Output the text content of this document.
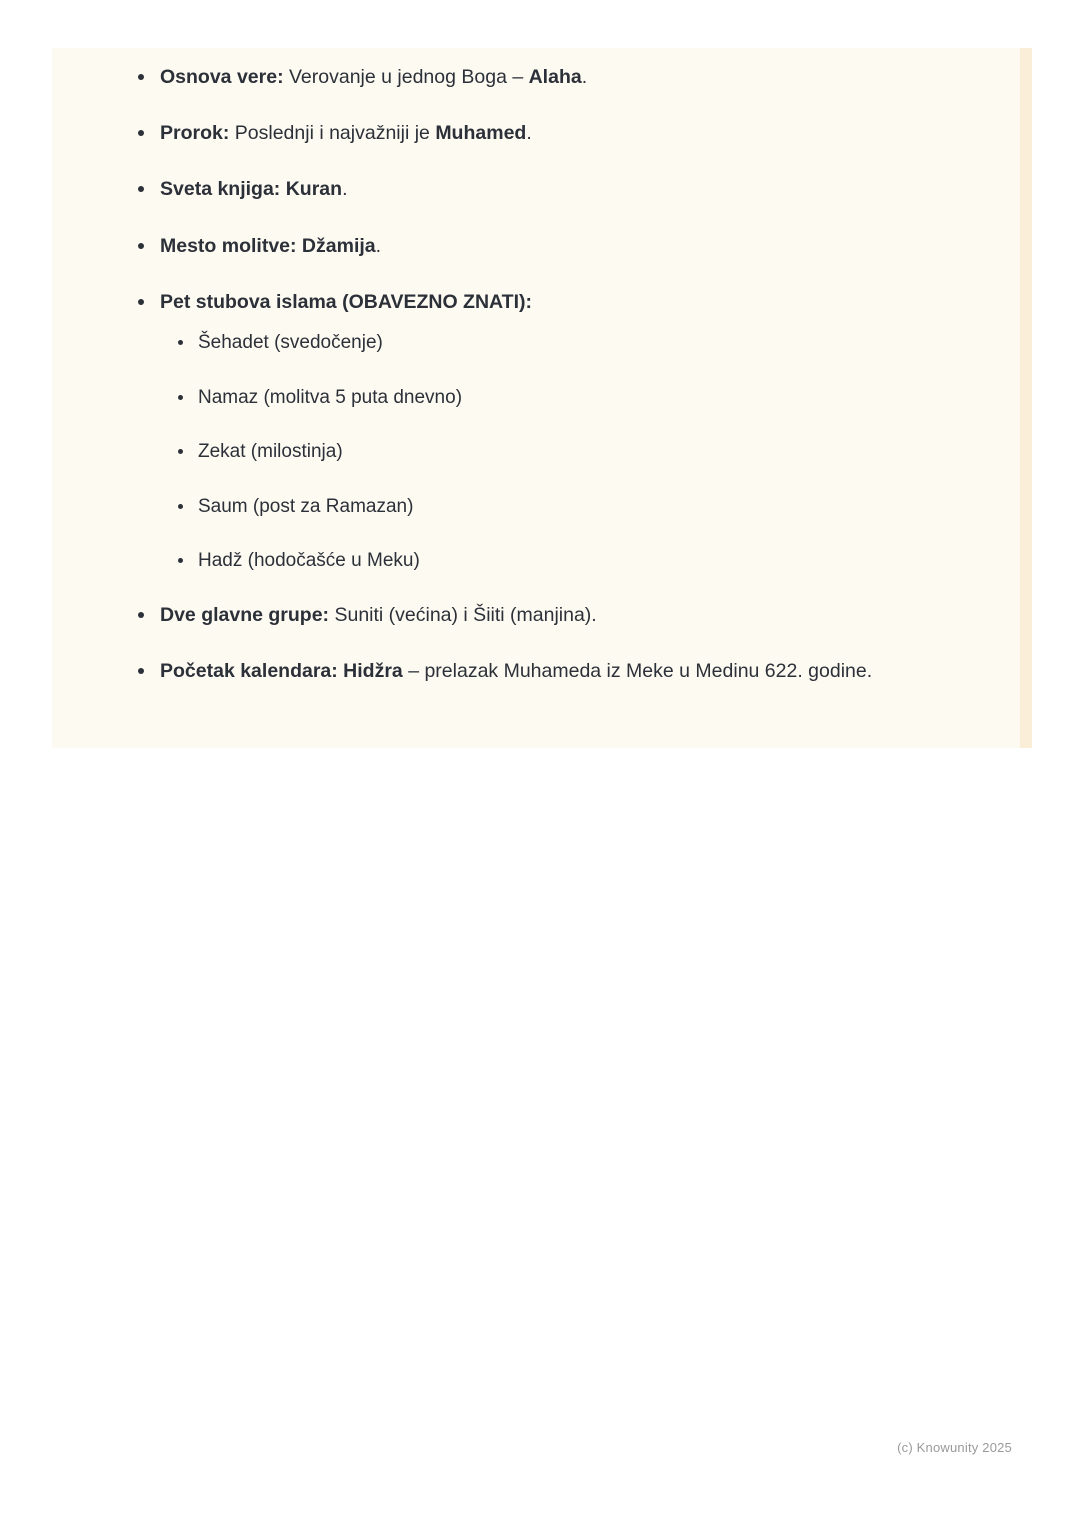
Osnova vere: Verovanje u jednog Boga – Alaha.
Prorok: Poslednji i najvažniji je Muhamed.
Sveta knjiga: Kuran.
Mesto molitve: Džamija.
Pet stubova islama (OBAVEZNO ZNATI):
Šehadet (svedočenje)
Namaz (molitva 5 puta dnevno)
Zekat (milostinja)
Saum (post za Ramazan)
Hadž (hodočašće u Meku)
Dve glavne grupe: Suniti (većina) i Šiiti (manjina).
Početak kalendara: Hidžra – prelazak Muhameda iz Meke u Medinu 622. godine.
(c) Knowunity 2025
